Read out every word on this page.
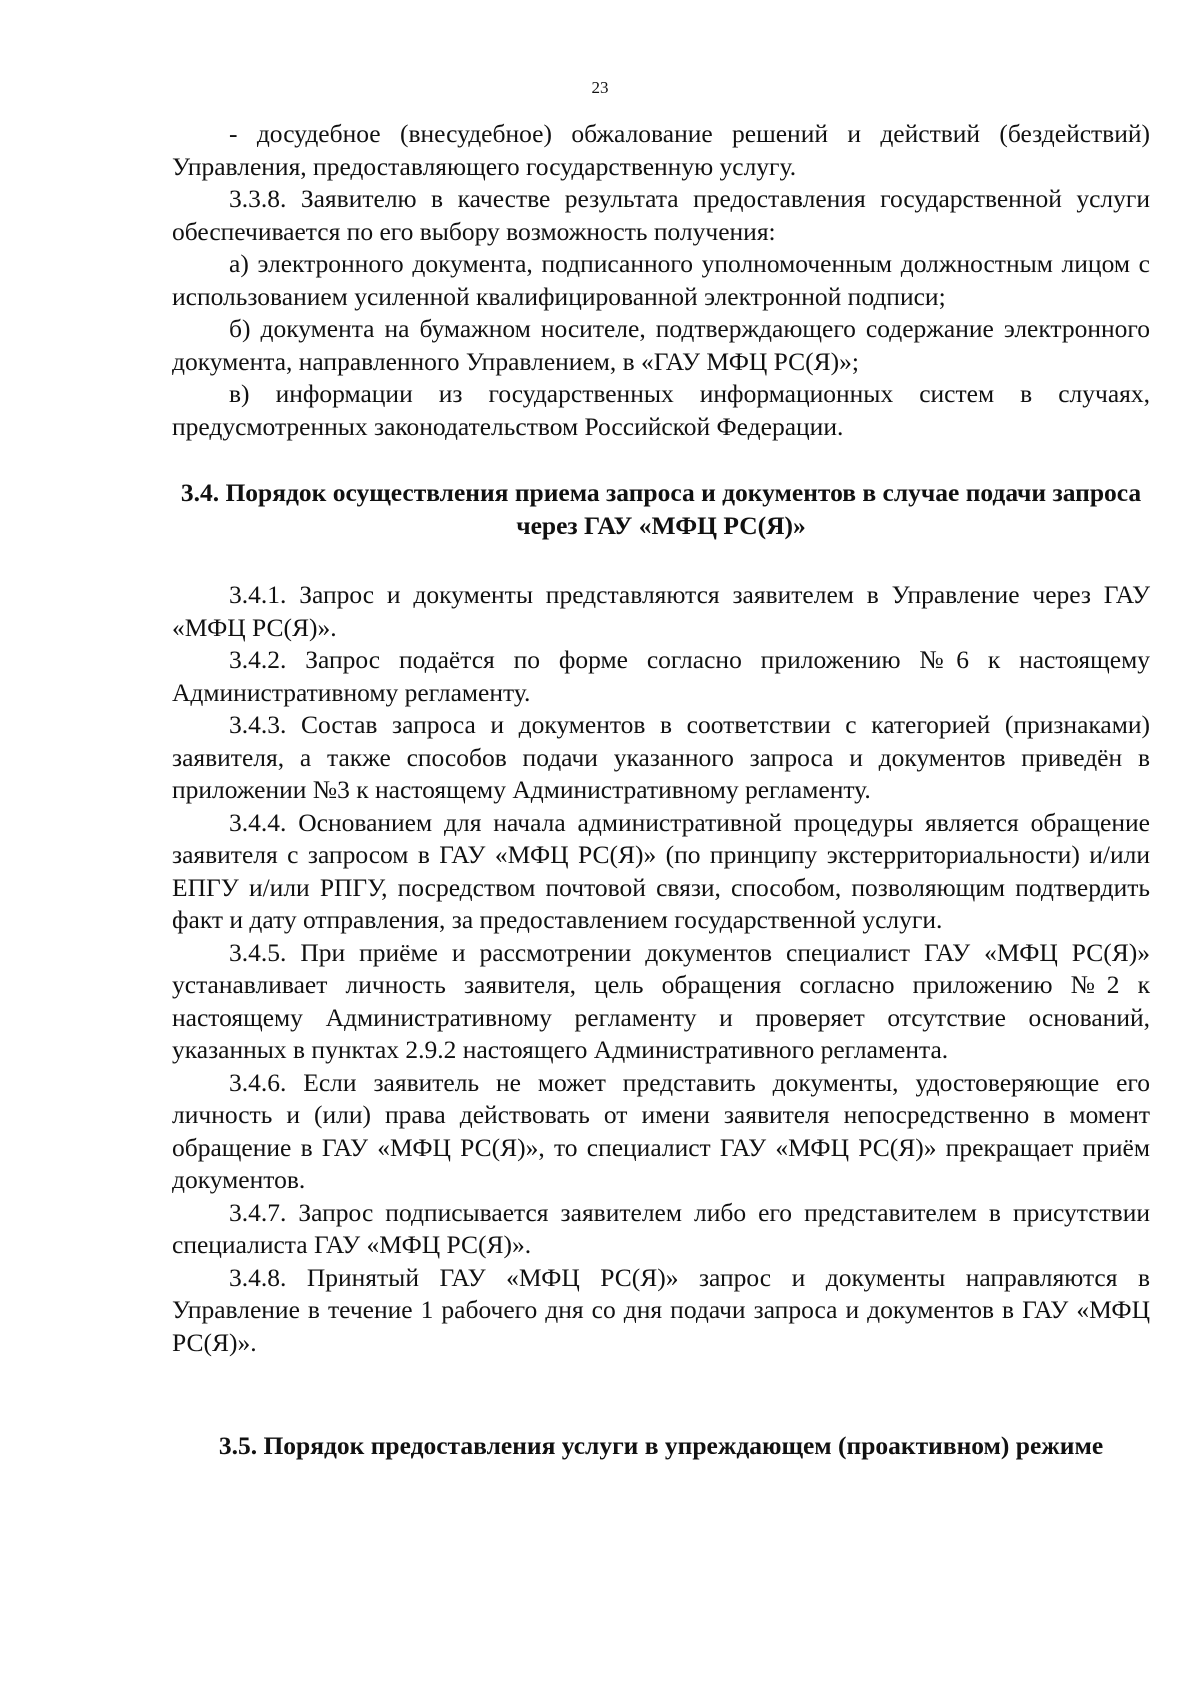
23

- досудебное (внесудебное) обжалование решений и действий (бездействий) Управления, предоставляющего государственную услугу.

3.3.8. Заявителю в качестве результата предоставления государственной услуги обеспечивается по его выбору возможность получения:

а) электронного документа, подписанного уполномоченным должностным лицом с использованием усиленной квалифицированной электронной подписи;

б) документа на бумажном носителе, подтверждающего содержание электронного документа, направленного Управлением, в «ГАУ МФЦ РС(Я)»;

в) информации из государственных информационных систем в случаях, предусмотренных законодательством Российской Федерации.

3.4. Порядок осуществления приема запроса и документов в случае подачи запроса через ГАУ «МФЦ РС(Я)»

3.4.1. Запрос и документы представляются заявителем в Управление через ГАУ «МФЦ РС(Я)».

3.4.2. Запрос подаётся по форме согласно приложению №6 к настоящему Административному регламенту.

3.4.3. Состав запроса и документов в соответствии с категорией (признаками) заявителя, а также способов подачи указанного запроса и документов приведён в приложении №3 к настоящему Административному регламенту.

3.4.4. Основанием для начала административной процедуры является обращение заявителя с запросом в ГАУ «МФЦ РС(Я)» (по принципу экстерриториальности) и/или ЕПГУ и/или РПГУ, посредством почтовой связи, способом, позволяющим подтвердить факт и дату отправления, за предоставлением государственной услуги.

3.4.5. При приёме и рассмотрении документов специалист ГАУ «МФЦ РС(Я)» устанавливает личность заявителя, цель обращения согласно приложению №2 к настоящему Административному регламенту и проверяет отсутствие оснований, указанных в пунктах 2.9.2 настоящего Административного регламента.

3.4.6. Если заявитель не может представить документы, удостоверяющие его личность и (или) права действовать от имени заявителя непосредственно в момент обращение в ГАУ «МФЦ РС(Я)», то специалист ГАУ «МФЦ РС(Я)» прекращает приём документов.

3.4.7. Запрос подписывается заявителем либо его представителем в присутствии специалиста ГАУ «МФЦ РС(Я)».

3.4.8. Принятый ГАУ «МФЦ РС(Я)» запрос и документы направляются в Управление в течение 1 рабочего дня со дня подачи запроса и документов в ГАУ «МФЦ РС(Я)».

3.5. Порядок предоставления услуги в упреждающем (проактивном) режиме
